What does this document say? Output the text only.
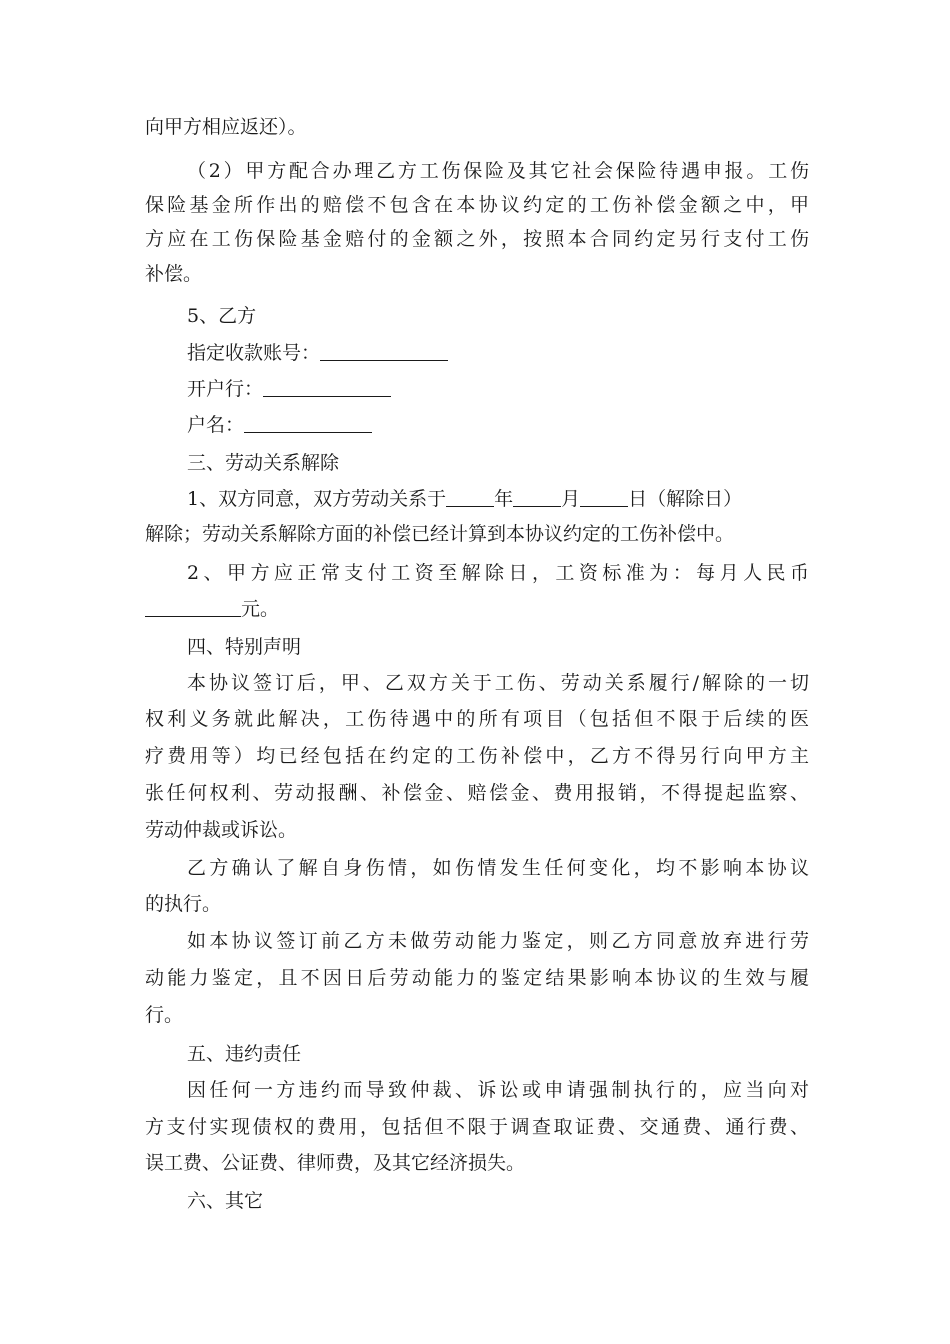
向甲方相应返还）。
（2）甲方配合办理乙方工伤保险及其它社会保险待遇申报。工伤
保险基金所作出的赔偿不包含在本协议约定的工伤补偿金额之中，甲
方应在工伤保险基金赔付的金额之外，按照本合同约定另行支付工伤
补偿。
5、乙方
指定收款账号：
开户行：
户名：
三、劳动关系解除
1、双方同意，双方劳动关系于	年	月	日（解除日）
解除；劳动关系解除方面的补偿已经计算到本协议约定的工伤补偿中。
2、甲方应正常支付工资至解除日，工资标准为：每月人民币
元。
四、特别声明
本协议签订后，甲、乙双方关于工伤、劳动关系履行/解除的一切
权利义务就此解决，工伤待遇中的所有项目（包括但不限于后续的医
疗费用等）均已经包括在约定的工伤补偿中，乙方不得另行向甲方主
张任何权利、劳动报酬、补偿金、赔偿金、费用报销，不得提起监察、
劳动仲裁或诉讼。
乙方确认了解自身伤情，如伤情发生任何变化，均不影响本协议
的执行。
如本协议签订前乙方未做劳动能力鉴定，则乙方同意放弃进行劳
动能力鉴定，且不因日后劳动能力的鉴定结果影响本协议的生效与履
行。
五、违约责任
因任何一方违约而导致仲裁、诉讼或申请强制执行的，应当向对
方支付实现债权的费用，包括但不限于调查取证费、交通费、通行费、
误工费、公证费、律师费，及其它经济损失。
六、其它
